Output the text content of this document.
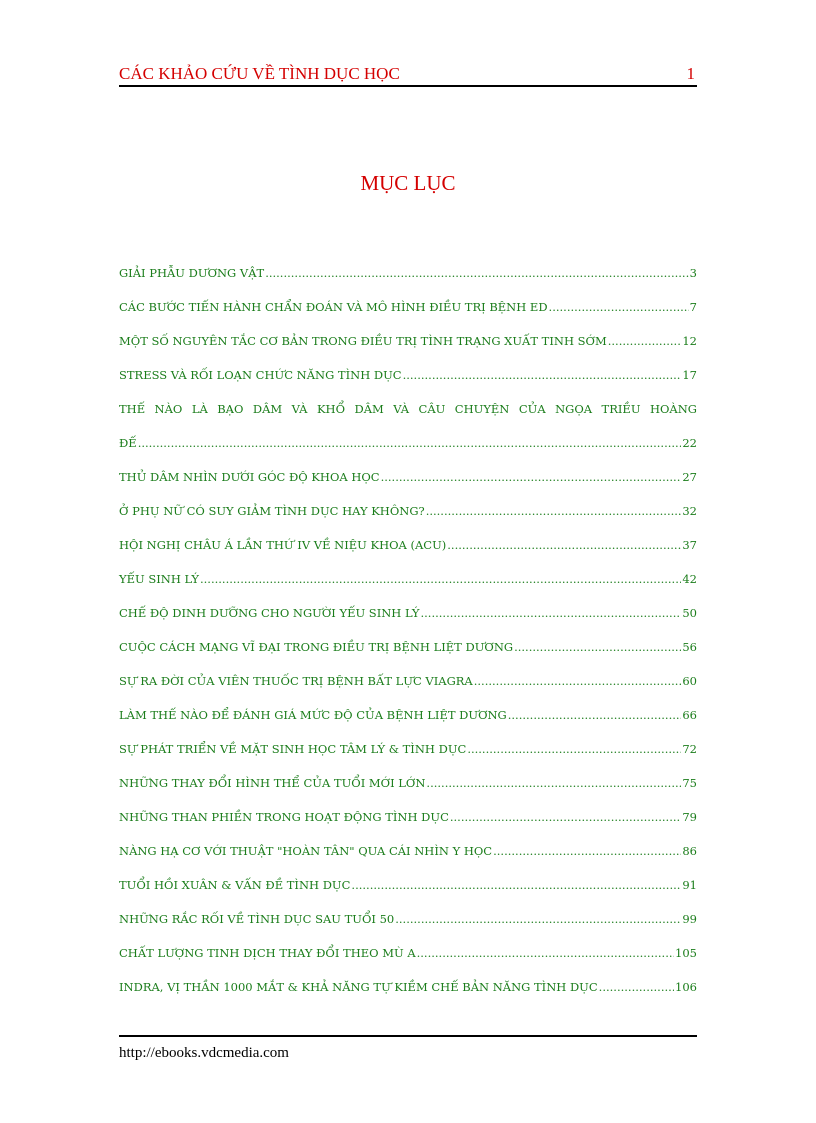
CÁC KHẢO CỨU VỀ TÌNH DỤC HỌC	1
MỤC LỤC
GIẢI PHẪU DƯƠNG VẬT .....	3
CÁC BƯỚC TIẾN HÀNH CHẨN ĐOÁN VÀ MÔ HÌNH ĐIỀU TRỊ BỆNH ED .....	7
MỘT SỐ NGUYÊN TẮC CƠ BẢN TRONG ĐIỀU TRỊ TÌNH TRẠNG XUẤT TINH SỚM .....	12
STRESS VÀ RỐI LOẠN CHỨC NĂNG TÌNH DỤC .....	17
THẾ NÀO LÀ BẠO DÂM VÀ KHỔ DÂM VÀ CÂU CHUYỆN CỦA NGỌA TRIỀU HOÀNG
ĐẾ .....	22
THỦ DÂM NHÌN DƯỚI GÓC ĐỘ KHOA HỌC .....	27
Ở PHỤ NỮ CÓ SUY GIẢM TÌNH DỤC HAY KHÔNG? .....	32
HỘI NGHỊ CHÂU Á LẦN THỨ IV VỀ NIỆU KHOA (ACU) .....	37
YẾU SINH LÝ .....	42
CHẾ ĐỘ DINH DƯỠNG CHO NGƯỜI YẾU SINH LÝ .....	50
CUỘC CÁCH MẠNG VĨ ĐẠI TRONG ĐIỀU TRỊ BỆNH LIỆT DƯƠNG .....	56
SỰ RA ĐỜI CỦA VIÊN THUỐC TRỊ BỆNH BẤT LỰC VIAGRA .....	60
LÀM THẾ NÀO ĐỂ ĐÁNH GIÁ MỨC ĐỘ CỦA BỆNH LIỆT DƯƠNG .....	66
SỰ PHÁT TRIỂN VỀ MẶT SINH HỌC TÂM LÝ & TÌNH DỤC .....	72
NHỮNG THAY ĐỔI HÌNH THỂ CỦA TUỔI MỚI LỚN .....	75
NHỮNG THAN PHIỀN TRONG HOẠT ĐỘNG TÌNH DỤC .....	79
NÀNG HẠ CƠ VỚI THUẬT "HOÀN TÂN" QUA CÁI NHÌN Y HỌC .....	86
TUỔI HỒI XUÂN & VẤN ĐỀ TÌNH DỤC .....	91
NHỮNG RẮC RỐI VỀ TÌNH DỤC SAU TUỔI 50 .....	99
CHẤT LƯỢNG TINH DỊCH THAY ĐỔI THEO MÙ A .....	105
INDRA, VỊ THẦN 1000 MẮT & KHẢ NĂNG TỰ KIỀM CHẾ BẢN NĂNG TÌNH DỤC .....	106
http://ebooks.vdcmedia.com
